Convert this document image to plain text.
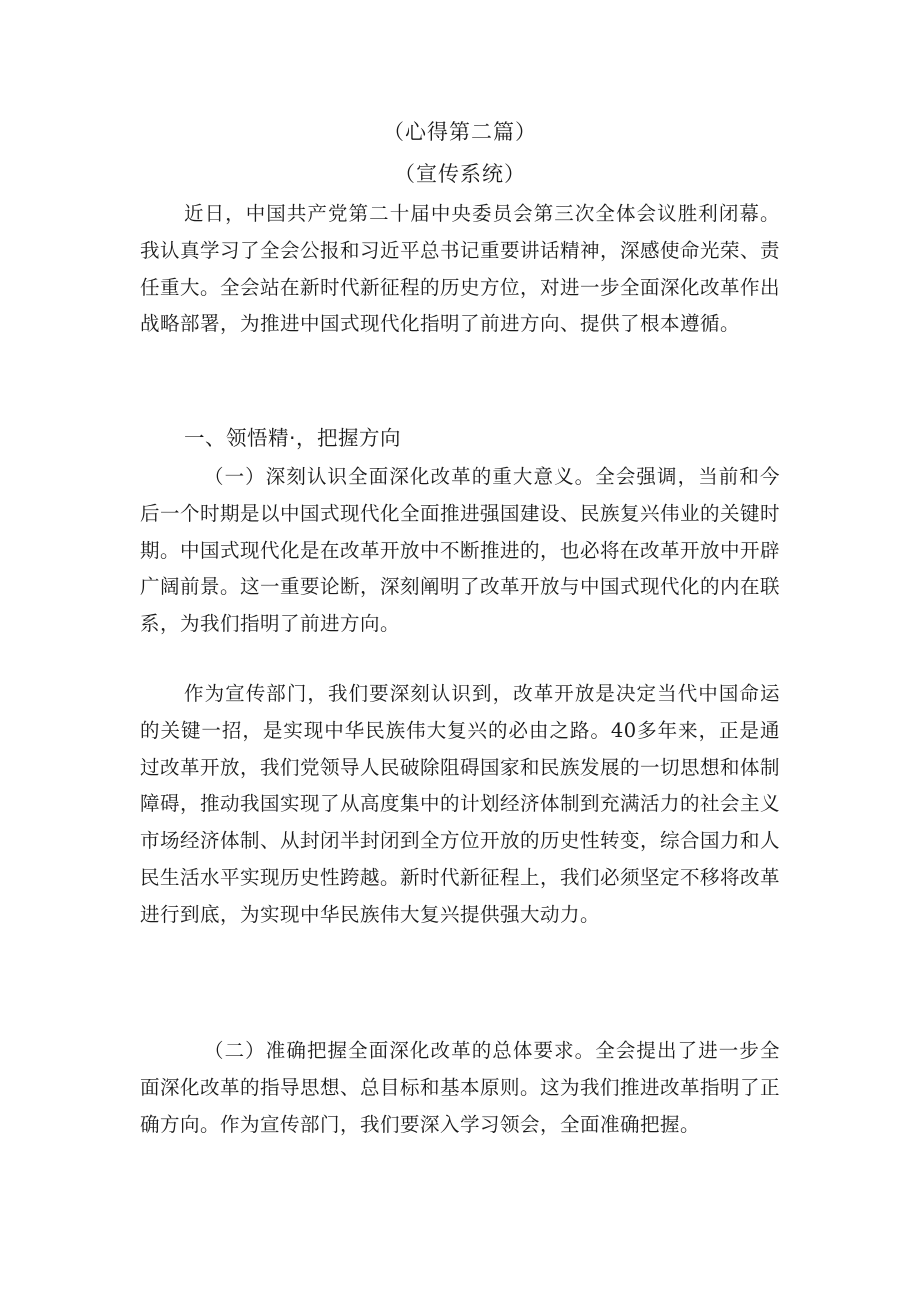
（心得第二篇）
（宣传系统）

近日，中国共产党第二十届中央委员会第三次全体会议胜利闭幕。我认真学习了全会公报和习近平总书记重要讲话精神，深感使命光荣、责任重大。全会站在新时代新征程的历史方位，对进一步全面深化改革作出战略部署，为推进中国式现代化指明了前进方向、提供了根本遵循。

一、领悟精·，把握方向

（一）深刻认识全面深化改革的重大意义。全会强调，当前和今后一个时期是以中国式现代化全面推进强国建设、民族复兴伟业的关键时期。中国式现代化是在改革开放中不断推进的，也必将在改革开放中开辟广阔前景。这一重要论断，深刻阐明了改革开放与中国式现代化的内在联系，为我们指明了前进方向。

作为宣传部门，我们要深刻认识到，改革开放是决定当代中国命运的关键一招，是实现中华民族伟大复兴的必由之路。40多年来，正是通过改革开放，我们党领导人民破除阻碍国家和民族发展的一切思想和体制障碍，推动我国实现了从高度集中的计划经济体制到充满活力的社会主义市场经济体制、从封闭半封闭到全方位开放的历史性转变，综合国力和人民生活水平实现历史性跨越。新时代新征程上，我们必须坚定不移将改革进行到底，为实现中华民族伟大复兴提供强大动力。

（二）准确把握全面深化改革的总体要求。全会提出了进一步全面深化改革的指导思想、总目标和基本原则。这为我们推进改革指明了正确方向。作为宣传部门，我们要深入学习领会，全面准确把握。
